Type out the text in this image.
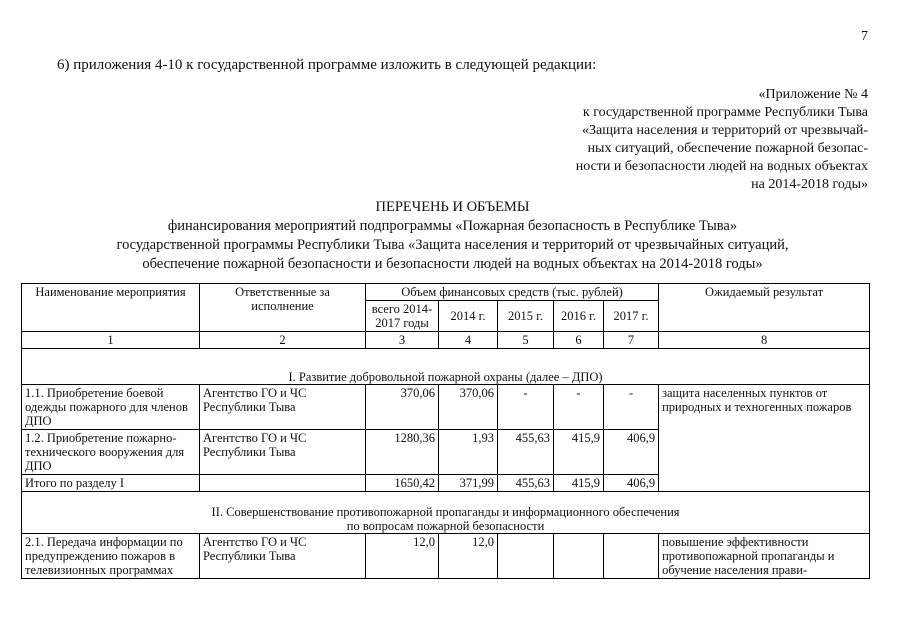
7
6) приложения 4-10 к государственной программе изложить в следующей редакции:
«Приложение № 4
к государственной программе Республики Тыва
«Защита населения и территорий от чрезвычай-
ных ситуаций, обеспечение пожарной безопас-
ности и безопасности людей на водных объектах
на 2014-2018 годы»
ПЕРЕЧЕНЬ И ОБЪЕМЫ
финансирования мероприятий подпрограммы «Пожарная безопасность в Республике Тыва»
государственной программы Республики Тыва «Защита населения и территорий от чрезвычайных ситуаций,
обеспечение пожарной безопасности и безопасности людей на водных объектах на 2014-2018 годы»
Наименование мероприятия	Ответственные за исполнение	Объем финансовых средств (тыс. рублей)					Ожидаемый результат
		всего 2014-2017 годы	2014 г.	2015 г.	2016 г.	2017 г.	
1	2	3	4	5	6	7	8
I. Развитие добровольной пожарной охраны (далее – ДПО)							
1.1. Приобретение боевой одежды пожарного для членов ДПО	Агентство ГО и ЧС Республики Тыва	370,06	370,06	-	-	-	защита населенных пунктов от природных и техногенных пожаров
1.2. Приобретение пожарно-технического вооружения для ДПО	Агентство ГО и ЧС Республики Тыва	1280,36	1,93	455,63	415,9	406,9	
Итого по разделу I		1650,42	371,99	455,63	415,9	406,9	

II. Совершенствование противопожарной пропаганды и информационного обеспечения
по вопросам пожарной безопасности							

2.1. Передача информации по предупреждению пожаров в телевизионных программах	Агентство ГО и ЧС Республики Тыва	12,0	12,0				повышение эффективности противопожарной пропаганды и обучение населения прави-
